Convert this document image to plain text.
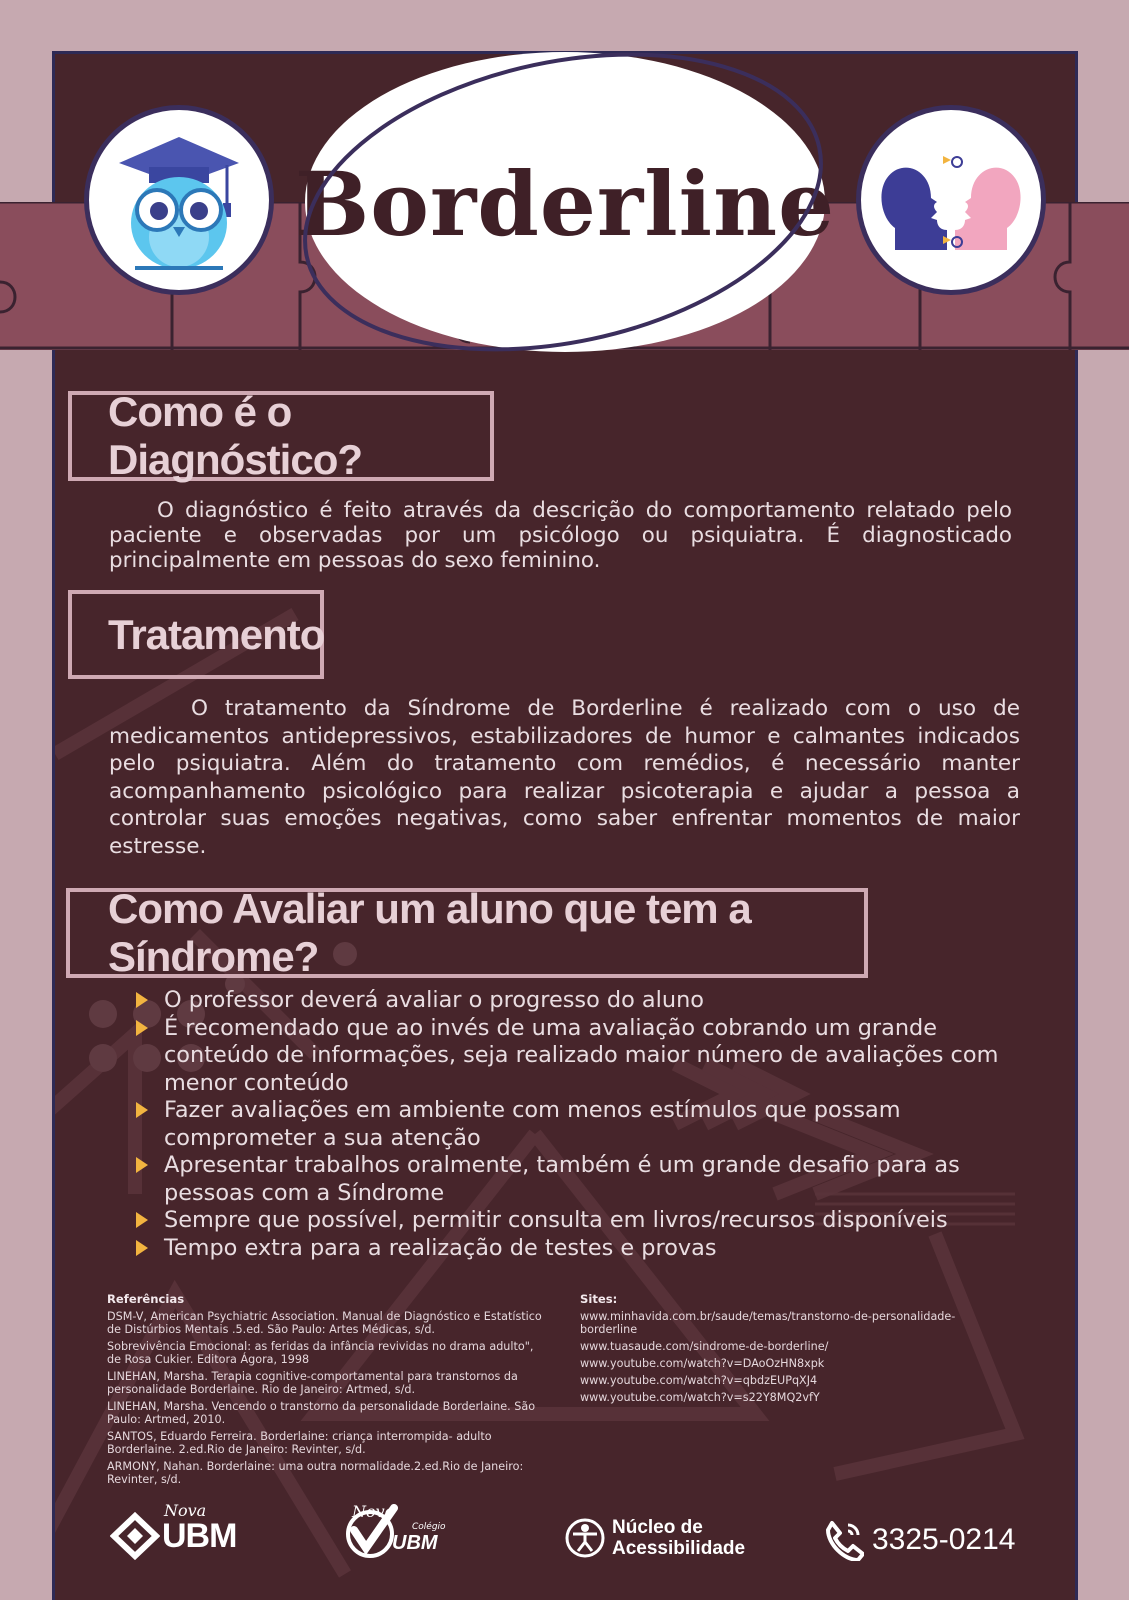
Borderline
Como é o Diagnóstico?

O diagnóstico é feito através da descrição do comportamento relatado pelo paciente e observadas por um psicólogo ou psiquiatra. É diagnosticado principalmente em pessoas do sexo feminino.

Tratamento

O tratamento da Síndrome de Borderline é realizado com o uso de medicamentos antidepressivos, estabilizadores de humor e calmantes indicados pelo psiquiatra. Além do tratamento com remédios, é necessário manter acompanhamento psicológico para realizar psicoterapia e ajudar a pessoa a controlar suas emoções negativas, como saber enfrentar momentos de maior estresse.

Como Avaliar um aluno que tem a Síndrome?
O professor deverá avaliar o progresso do aluno
É recomendado que ao invés de uma avaliação cobrando um grande conteúdo de informações, seja realizado maior número de avaliações com menor conteúdo
Fazer avaliações em ambiente com menos estímulos que possam comprometer a sua atenção
Apresentar trabalhos oralmente, também é um grande desafio para as pessoas com a Síndrome
Sempre que possível, permitir consulta em livros/recursos disponíveis
Tempo extra para a realização de testes e provas
Referências

DSM-V, American Psychiatric Association. Manual de Diagnóstico e Estatístico de Distúrbios Mentais .5.ed. São Paulo: Artes Médicas, s/d.

Sobrevivência Emocional: as feridas da infância revividas no drama adulto", de Rosa Cukier. Editora Ágora, 1998

LINEHAN, Marsha. Terapia cognitive-comportamental para transtornos da personalidade Borderlaine. Rio de Janeiro: Artmed, s/d.

LINEHAN, Marsha. Vencendo o transtorno da personalidade Borderlaine. São Paulo: Artmed, 2010.

SANTOS, Eduardo Ferreira. Borderlaine: criança interrompida- adulto Borderlaine. 2.ed.Rio de Janeiro: Revinter, s/d.

ARMONY, Nahan. Borderlaine: uma outra normalidade.2.ed.Rio de Janeiro: Revinter, s/d.

Sites:

www.minhavida.com.br/saude/temas/transtorno-de-personalidade-borderline

www.tuasaude.com/sindrome-de-borderline/

www.youtube.com/watch?v=DAoOzHN8xpk

www.youtube.com/watch?v=qbdzEUPqXJ4

www.youtube.com/watch?v=s22Y8MQ2vfY

Nova
UBM
Novo
Colégio
UBM
Núcleo de
Acessibilidade	3325-0214
